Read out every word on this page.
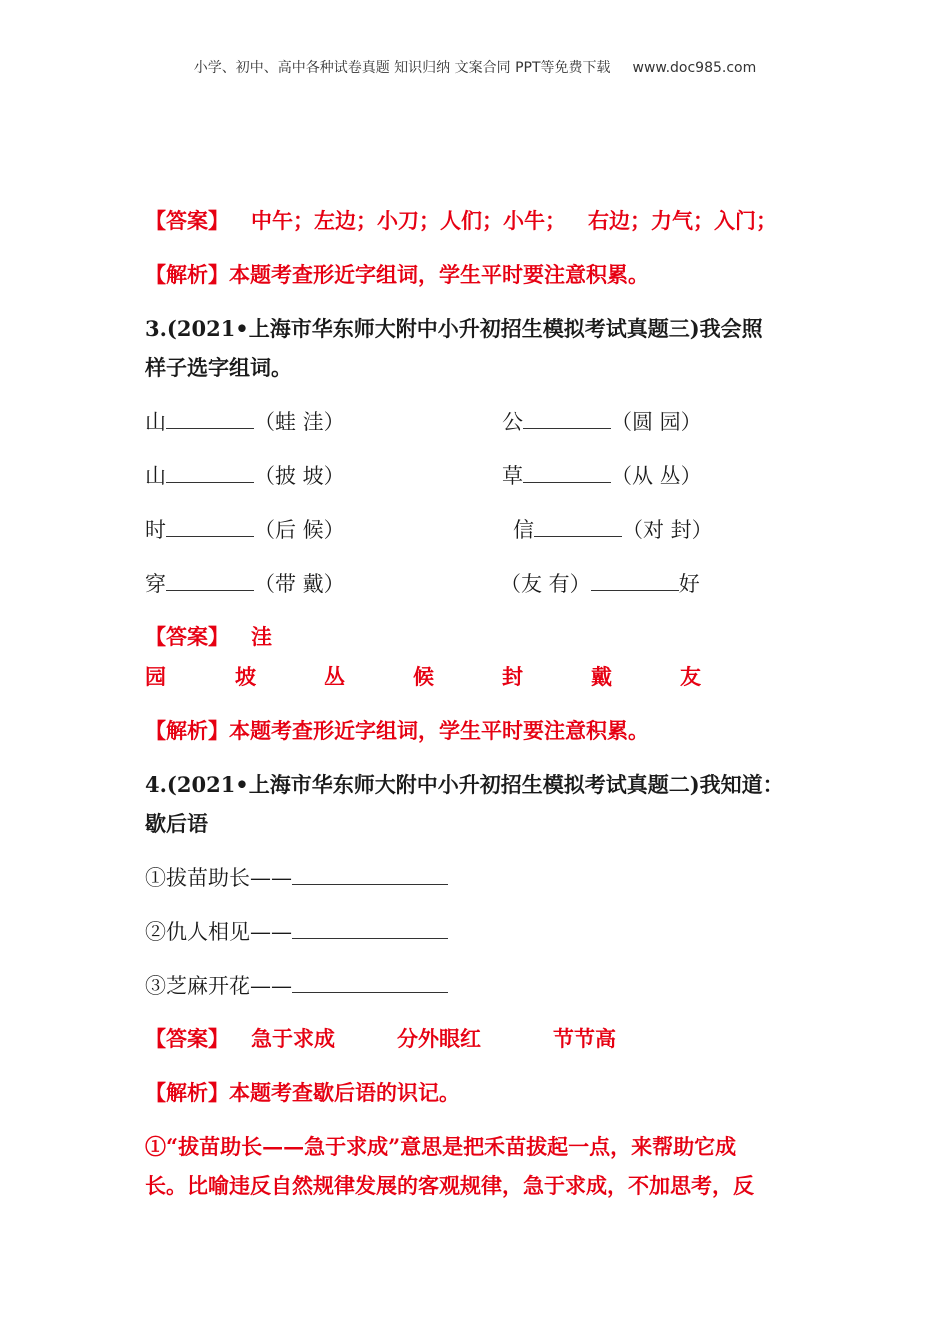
小学、初中、高中各种试卷真题 知识归纳 文案合同 PPT等免费下载 www.doc985.com
【答案】 中午；左边；小刀；人们；小牛； 右边；力气；入门；
【解析】本题考查形近字组词，学生平时要注意积累。
3.(2021•上海市华东师大附中小升初招生模拟考试真题三)我会照
样子选字组词。
山	（蛙 洼）	公	（圆 园）
山	（披 坡）	草	（从 丛）
时	（后 候）	信	（对 封）
穿	（带 戴）	（友 有）	好
【答案】 洼
园	坡	丛	候	封	戴	友
【解析】本题考查形近字组词，学生平时要注意积累。
4.(2021•上海市华东师大附中小升初招生模拟考试真题二)我知道：
歇后语
①拔苗助长——
②仇人相见——
③芝麻开花——
【答案】 急于求成	分外眼红	节节高
【解析】本题考查歇后语的识记。
①“拔苗助长——急于求成”意思是把禾苗拔起一点，来帮助它成
长。比喻违反自然规律发展的客观规律，急于求成，不加思考，反
